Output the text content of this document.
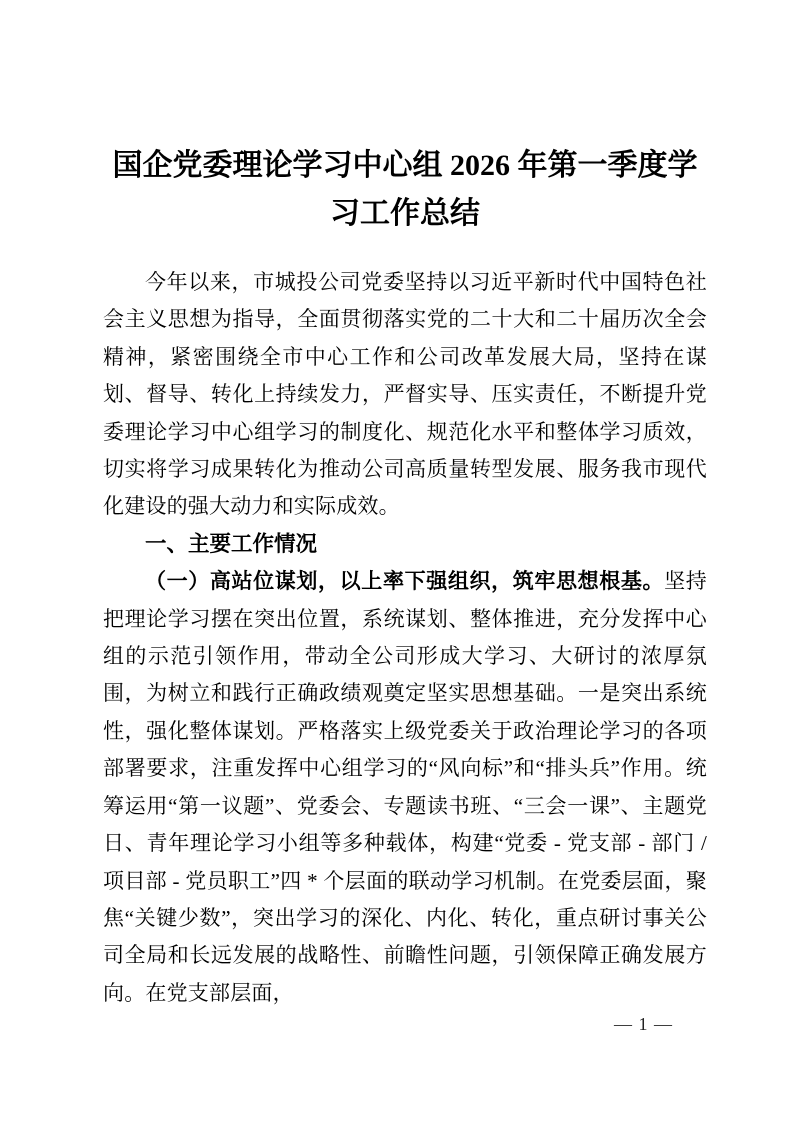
国企党委理论学习中心组 2026 年第一季度学
习工作总结

今年以来，市城投公司党委坚持以习近平新时代中国特色社会主义思想为指导，全面贯彻落实党的二十大和二十届历次全会精神，紧密围绕全市中心工作和公司改革发展大局，坚持在谋划、督导、转化上持续发力，严督实导、压实责任，不断提升党委理论学习中心组学习的制度化、规范化水平和整体学习质效，切实将学习成果转化为推动公司高质量转型发展、服务我市现代化建设的强大动力和实际成效。

一、主要工作情况

（一）高站位谋划，以上率下强组织，筑牢思想根基。坚持把理论学习摆在突出位置，系统谋划、整体推进，充分发挥中心组的示范引领作用，带动全公司形成大学习、大研讨的浓厚氛围，为树立和践行正确政绩观奠定坚实思想基础。一是突出系统性，强化整体谋划。严格落实上级党委关于政治理论学习的各项部署要求，注重发挥中心组学习的“风向标”和“排头兵”作用。统筹运用“第一议题”、党委会、专题读书班、“三会一课”、主题党日、青年理论学习小组等多种载体，构建“党委 - 党支部 - 部门 / 项目部 - 党员职工”四 * 个层面的联动学习机制。在党委层面，聚焦“关键少数”，突出学习的深化、内化、转化，重点研讨事关公司全局和长远发展的战略性、前瞻性问题，引领保障正确发展方向。在党支部层面，

— 1 —
